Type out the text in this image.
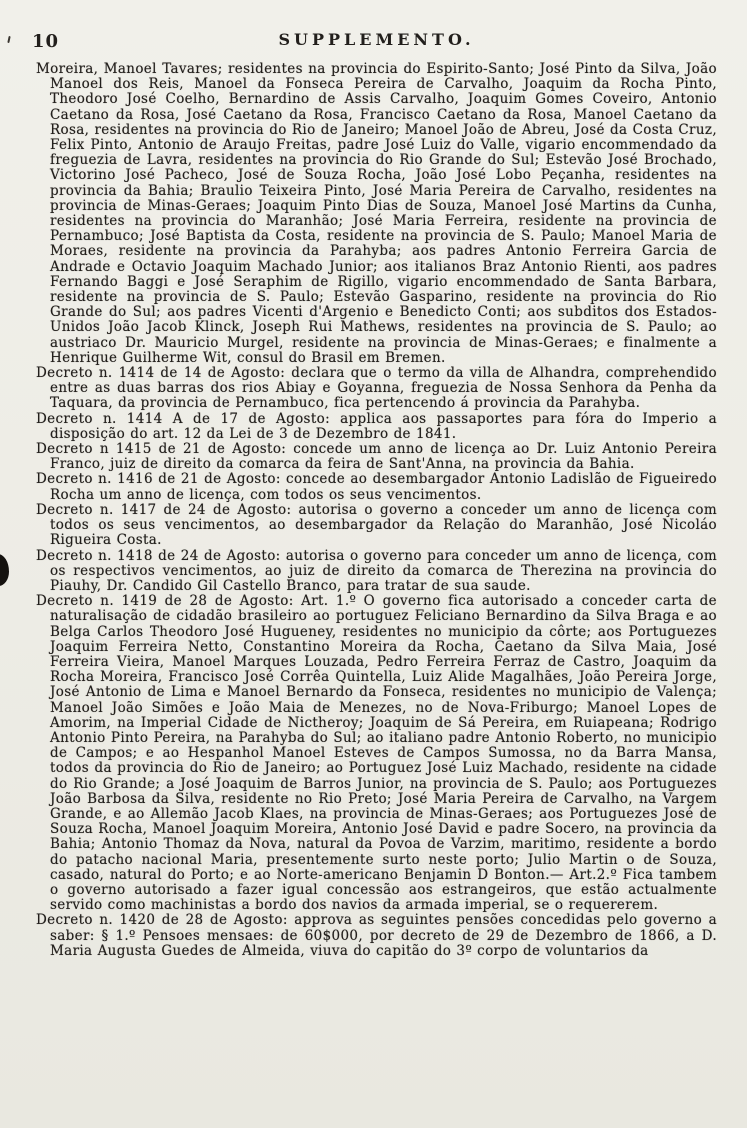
10	SUPPLEMENTO.

Moreira, Manoel Tavares; residentes na provincia do Espirito-Santo; José Pinto da Silva, João Manoel dos Reis, Manoel da Fonseca Pereira de Carvalho, Joaquim da Rocha Pinto, Theodoro José Coelho, Bernardino de Assis Carvalho, Joaquim Gomes Coveiro, Antonio Caetano da Rosa, José Caetano da Rosa, Francisco Caetano da Rosa, Manoel Caetano da Rosa, residentes na provincia do Rio de Janeiro; Manoel João de Abreu, José da Costa Cruz, Felix Pinto, Antonio de Araujo Freitas, padre José Luiz do Valle, vigario encommendado da freguezia de Lavra, residentes na provincia do Rio Grande do Sul; Estevão José Brochado, Victorino José Pacheco, José de Souza Rocha, João José Lobo Peçanha, residentes na provincia da Bahia; Braulio Teixeira Pinto, José Maria Pereira de Carvalho, residentes na provincia de Minas-Geraes; Joaquim Pinto Dias de Souza, Manoel José Martins da Cunha, residentes na provincia do Maranhão; José Maria Ferreira, residente na provincia de Pernambuco; José Baptista da Costa, residente na provincia de S. Paulo; Manoel Maria de Moraes, residente na provincia da Parahyba; aos padres Antonio Ferreira Garcia de Andrade e Octavio Joaquim Machado Junior; aos italianos Braz Antonio Rienti, aos padres Fernando Baggi e José Seraphim de Rigillo, vigario encommendado de Santa Barbara, residente na provincia de S. Paulo; Estevão Gasparino, residente na provincia do Rio Grande do Sul; aos padres Vicenti d'Argenio e Benedicto Conti; aos subditos dos Estados-Unidos João Jacob Klinck, Joseph Rui Mathews, residentes na provincia de S. Paulo; ao austriaco Dr. Mauricio Murgel, residente na provincia de Minas-Geraes; e finalmente a Henrique Guilherme Wit, consul do Brasil em Bremen.

Decreto n. 1414 de 14 de Agosto: declara que o termo da villa de Alhandra, comprehendido entre as duas barras dos rios Abiay e Goyanna, freguezia de Nossa Senhora da Penha da Taquara, da provincia de Pernambuco, fica pertencendo á provincia da Parahyba.

Decreto n. 1414 A de 17 de Agosto: applica aos passaportes para fóra do Imperio a disposição do art. 12 da Lei de 3 de Dezembro de 1841.

Decreto n 1415 de 21 de Agosto: concede um anno de licença ao Dr. Luiz Antonio Pereira Franco, juiz de direito da comarca da feira de Sant'Anna, na provincia da Bahia.

Decreto n. 1416 de 21 de Agosto: concede ao desembargador Antonio Ladislão de Figueiredo Rocha um anno de licença, com todos os seus vencimentos.

Decreto n. 1417 de 24 de Agosto: autorisa o governo a conceder um anno de licença com todos os seus vencimentos, ao desembargador da Relação do Maranhão, José Nicoláo Rigueira Costa.

Decreto n. 1418 de 24 de Agosto: autorisa o governo para conceder um anno de licença, com os respectivos vencimentos, ao juiz de direito da comarca de Therezina na provincia do Piauhy, Dr. Candido Gil Castello Branco, para tratar de sua saude.

Decreto n. 1419 de 28 de Agosto: Art. 1.º O governo fica autorisado a conceder carta de naturalisação de cidadão brasileiro ao portuguez Feliciano Bernardino da Silva Braga e ao Belga Carlos Theodoro José Hugueney, residentes no municipio da côrte; aos Portuguezes Joaquim Ferreira Netto, Constantino Moreira da Rocha, Caetano da Silva Maia, José Ferreira Vieira, Manoel Marques Louzada, Pedro Ferreira Ferraz de Castro, Joaquim da Rocha Moreira, Francisco José Corrêa Quintella, Luiz Alide Magalhães, João Pereira Jorge, José Antonio de Lima e Manoel Bernardo da Fonseca, residentes no municipio de Valença; Manoel João Simões e João Maia de Menezes, no de Nova-Friburgo; Manoel Lopes de Amorim, na Imperial Cidade de Nictheroy; Joaquim de Sá Pereira, em Ruiapeana; Rodrigo Antonio Pinto Pereira, na Parahyba do Sul; ao italiano padre Antonio Roberto, no municipio de Campos; e ao Hespanhol Manoel Esteves de Campos Sumossa, no da Barra Mansa, todos da provincia do Rio de Janeiro; ao Portuguez José Luiz Machado, residente na cidade do Rio Grande; a José Joaquim de Barros Junior, na provincia de S. Paulo; aos Portuguezes João Barbosa da Silva, residente no Rio Preto; José Maria Pereira de Carvalho, na Vargem Grande, e ao Allemão Jacob Klaes, na provincia de Minas-Geraes; aos Portuguezes José de Souza Rocha, Manoel Joaquim Moreira, Antonio José David e padre Socero, na provincia da Bahia; Antonio Thomaz da Nova, natural da Povoa de Varzim, maritimo, residente a bordo do patacho nacional Maria, presentemente surto neste porto; Julio Martin o de Souza, casado, natural do Porto; e ao Norte-americano Benjamin D Bonton.— Art.2.º Fica tambem o governo autorisado a fazer igual concessão aos estrangeiros, que estão actualmente servido como machinistas a bordo dos navios da armada imperial, se o requererem.

Decreto n. 1420 de 28 de Agosto: approva as seguintes pensões concedidas pelo governo a saber: § 1.º Pensoes mensaes: de 60$000, por decreto de 29 de Dezembro de 1866, a D. Maria Augusta Guedes de Almeida, viuva do capitão do 3º corpo de voluntarios da
